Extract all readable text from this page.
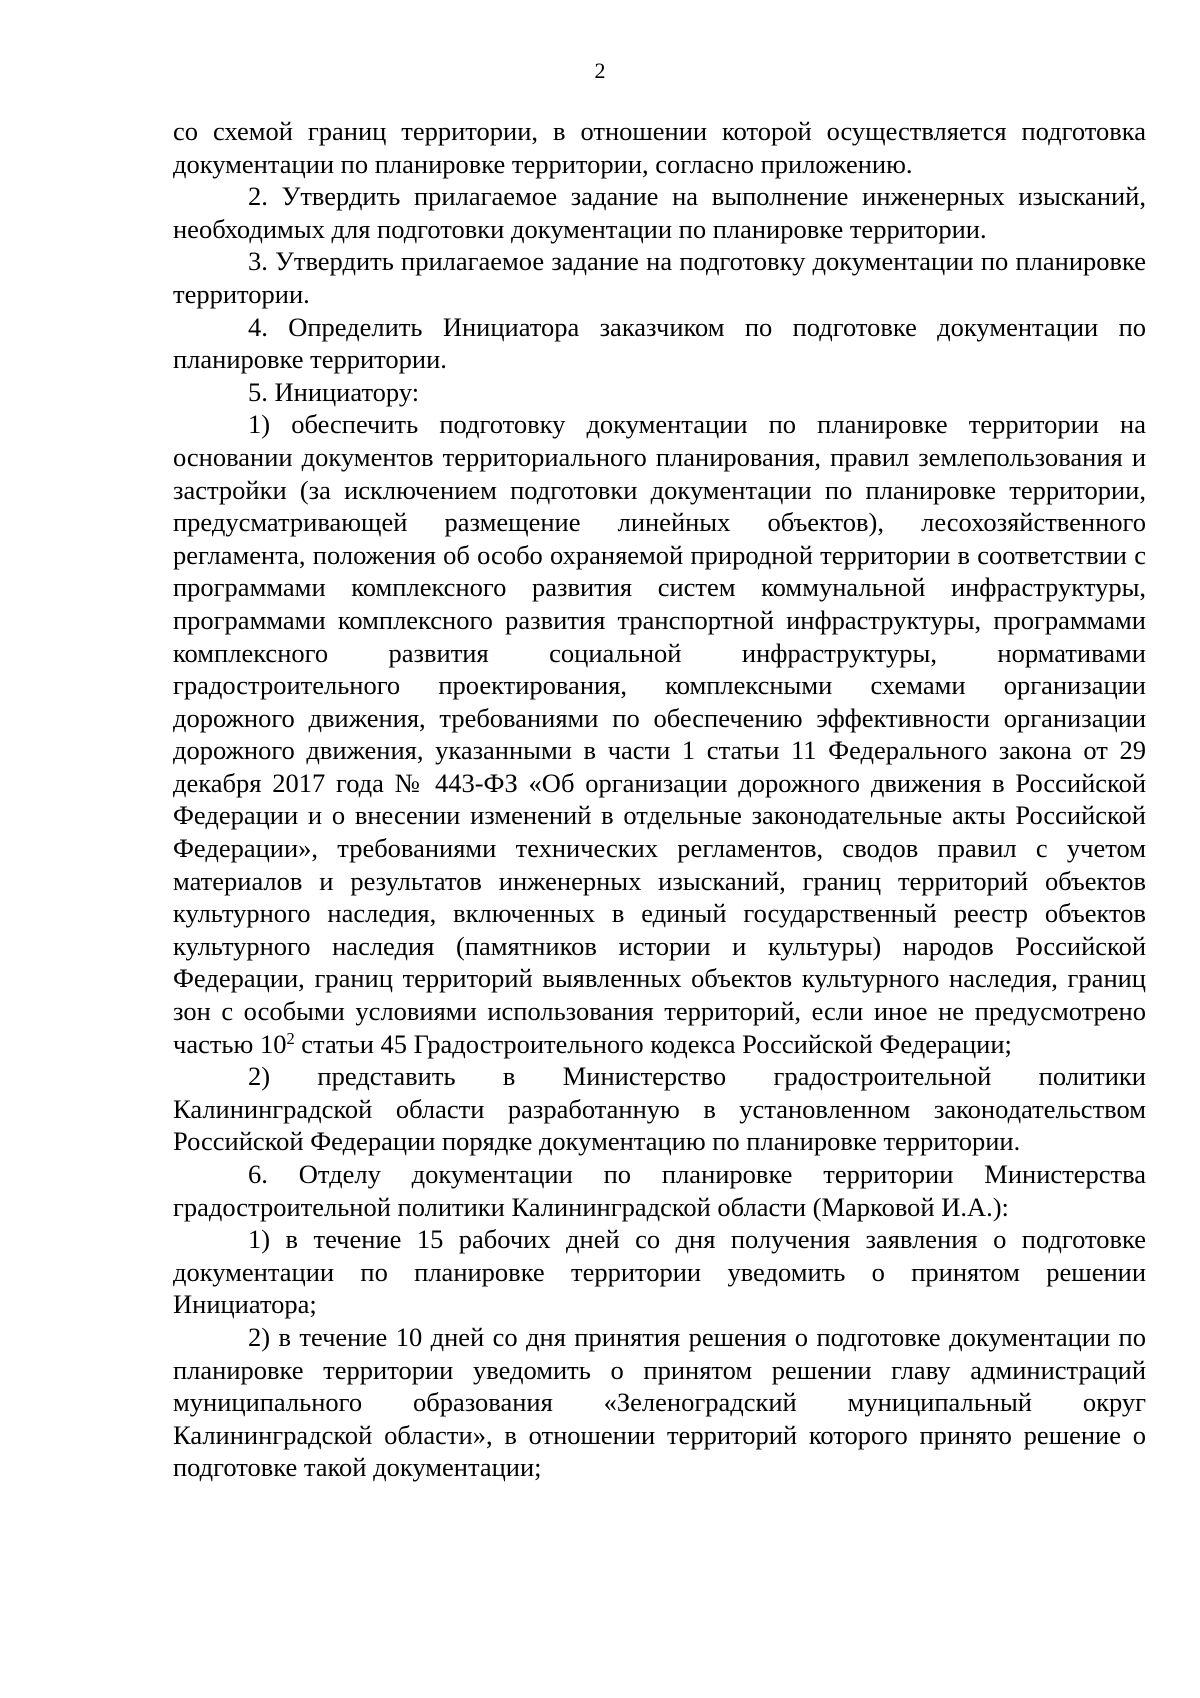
2

со схемой границ территории, в отношении которой осуществляется подготовка документации по планировке территории, согласно приложению.

2. Утвердить прилагаемое задание на выполнение инженерных изысканий, необходимых для подготовки документации по планировке территории.

3. Утвердить прилагаемое задание на подготовку документации по планировке территории.

4. Определить Инициатора заказчиком по подготовке документации по планировке территории.

5. Инициатору:

1) обеспечить подготовку документации по планировке территории на основании документов территориального планирования, правил землепользования и застройки (за исключением подготовки документации по планировке территории, предусматривающей размещение линейных объектов), лесохозяйственного регламента, положения об особо охраняемой природной территории в соответствии с программами комплексного развития систем коммунальной инфраструктуры, программами комплексного развития транспортной инфраструктуры, программами комплексного развития социальной инфраструктуры, нормативами градостроительного проектирования, комплексными схемами организации дорожного движения, требованиями по обеспечению эффективности организации дорожного движения, указанными в части 1 статьи 11 Федерального закона от 29 декабря 2017 года № 443-ФЗ «Об организации дорожного движения в Российской Федерации и о внесении изменений в отдельные законодательные акты Российской Федерации», требованиями технических регламентов, сводов правил с учетом материалов и результатов инженерных изысканий, границ территорий объектов культурного наследия, включенных в единый государственный реестр объектов культурного наследия (памятников истории и культуры) народов Российской Федерации, границ территорий выявленных объектов культурного наследия, границ зон с особыми условиями использования территорий, если иное не предусмотрено частью $10^2$ статьи 45 Градостроительного кодекса Российской Федерации;

2) представить в Министерство градостроительной политики Калининградской области разработанную в установленном законодательством Российской Федерации порядке документацию по планировке территории.

6. Отделу документации по планировке территории Министерства градостроительной политики Калининградской области (Марковой И.А.):

1) в течение 15 рабочих дней со дня получения заявления о подготовке документации по планировке территории уведомить о принятом решении Инициатора;

2) в течение 10 дней со дня принятия решения о подготовке документации по планировке территории уведомить о принятом решении главу администраций муниципального образования «Зеленоградский муниципальный округ Калининградской области», в отношении территорий которого принято решение о подготовке такой документации;
